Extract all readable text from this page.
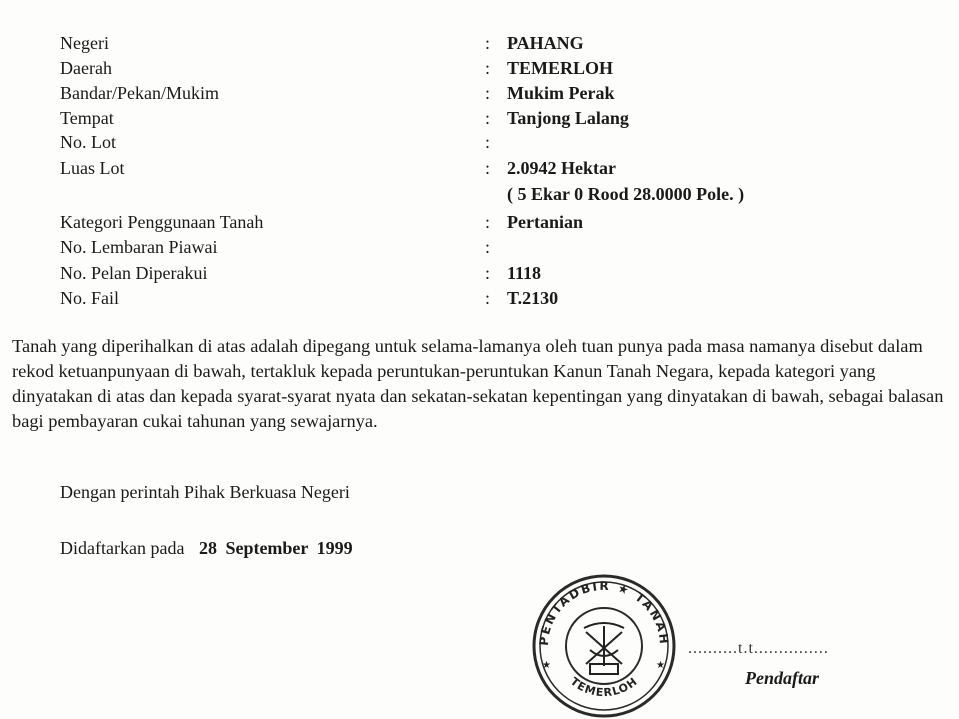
Negeri	: PAHANG
Daerah	: TEMERLOH
Bandar/Pekan/Mukim	: Mukim Perak
Tempat	: Tanjong Lalang
No. Lot	:
Luas Lot	: 2.0942 Hektar
( 5 Ekar 0 Rood 28.0000 Pole. )
Kategori Penggunaan Tanah	: Pertanian
No. Lembaran Piawai	:
No. Pelan Diperakui	: 1118
No. Fail	: T.2130

Tanah yang diperihalkan di atas adalah dipegang untuk selama-lamanya oleh tuan punya pada masa namanya disebut dalam rekod ketuanpunyaan di bawah, tertakluk kepada peruntukan-peruntukan Kanun Tanah Negara, kepada kategori yang dinyatakan di atas dan kepada syarat-syarat nyata dan sekatan-sekatan kepentingan yang dinyatakan di bawah, sebagai balasan bagi pembayaran cukai tahunan yang sewajarnya.

Dengan perintah Pihak Berkuasa Negeri
Didaftarkan pada 28 September 1999
PENTADBIR ★ TANAH
TEMERLOH
★	★
..........t.t...............
Pendaftar
